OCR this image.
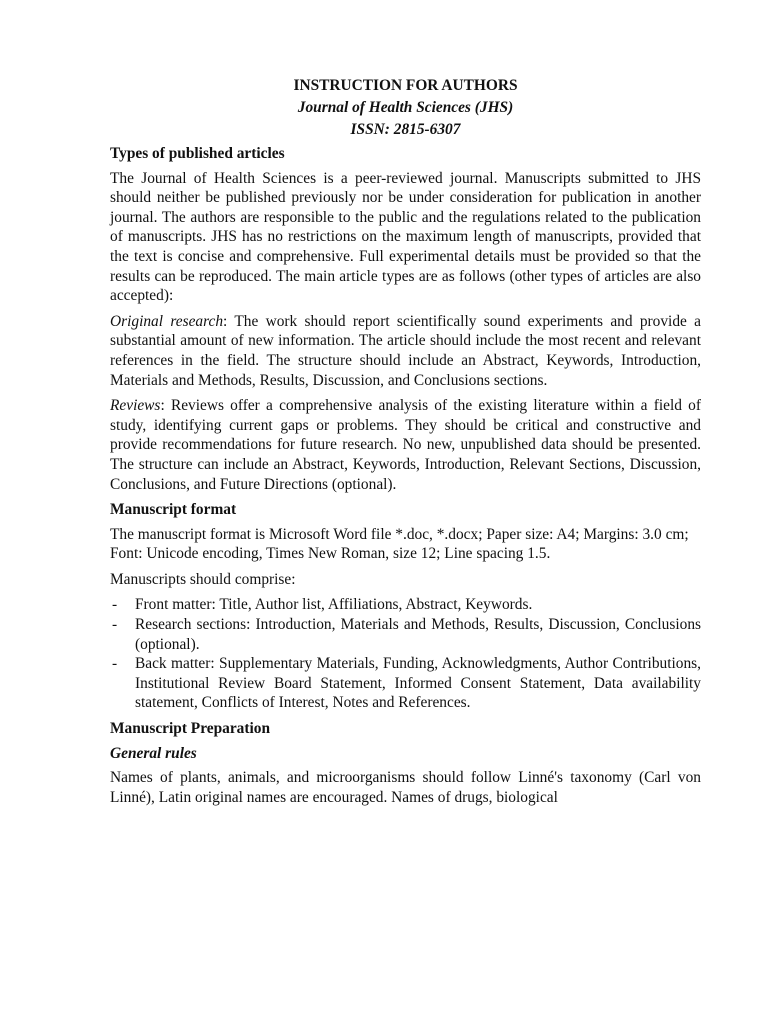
INSTRUCTION FOR AUTHORS
Journal of Health Sciences (JHS)
ISSN: 2815-6307
Types of published articles

The Journal of Health Sciences is a peer-reviewed journal. Manuscripts submitted to JHS should neither be published previously nor be under consideration for publication in another journal. The authors are responsible to the public and the regulations related to the publication of manuscripts. JHS has no restrictions on the maximum length of manuscripts, provided that the text is concise and comprehensive. Full experimental details must be provided so that the results can be reproduced. The main article types are as follows (other types of articles are also accepted):

Original research: The work should report scientifically sound experiments and provide a substantial amount of new information. The article should include the most recent and relevant references in the field. The structure should include an Abstract, Keywords, Introduction, Materials and Methods, Results, Discussion, and Conclusions sections.

Reviews: Reviews offer a comprehensive analysis of the existing literature within a field of study, identifying current gaps or problems. They should be critical and constructive and provide recommendations for future research. No new, unpublished data should be presented. The structure can include an Abstract, Keywords, Introduction, Relevant Sections, Discussion, Conclusions, and Future Directions (optional).

Manuscript format

The manuscript format is Microsoft Word file *.doc, *.docx; Paper size: A4; Margins: 3.0 cm; Font: Unicode encoding, Times New Roman, size 12; Line spacing 1.5.

Manuscripts should comprise:
- Front matter: Title, Author list, Affiliations, Abstract, Keywords.
- Research sections: Introduction, Materials and Methods, Results, Discussion, Conclusions (optional).
- Back matter: Supplementary Materials, Funding, Acknowledgments, Author Contributions, Institutional Review Board Statement, Informed Consent Statement, Data availability statement, Conflicts of Interest, Notes and References.
Manuscript Preparation
General rules

Names of plants, animals, and microorganisms should follow Linné's taxonomy (Carl von Linné), Latin original names are encouraged. Names of drugs, biological
